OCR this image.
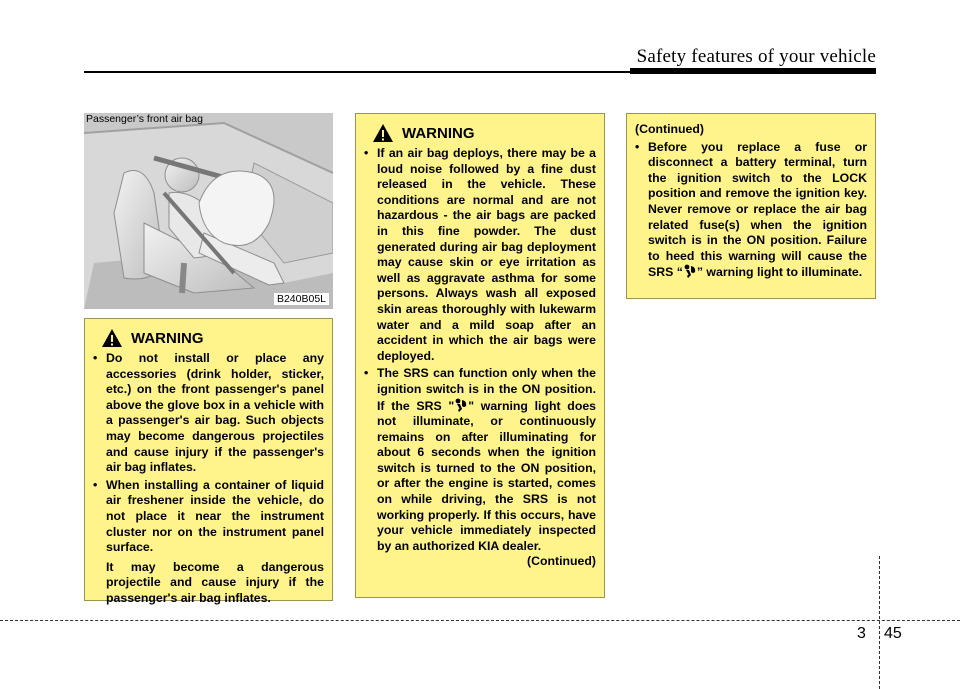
Safety features of your vehicle
B240B05L
Passenger’s front air bag
WARNING
• Do not install or place any accessories (drink holder, sticker, etc.) on the front passenger's panel above the glove box in a vehicle with a passenger's air bag. Such objects may become dangerous projectiles and cause injury if the passenger's air bag inflates.
• When installing a container of liquid air freshener inside the vehicle, do not place it near the instrument cluster nor on the instrument panel surface.
It may become a dangerous projectile and cause injury if the passenger's air bag inflates.
WARNING
• If an air bag deploys, there may be a loud noise followed by a fine dust released in the vehicle. These conditions are normal and are not hazardous - the air bags are packed in this fine powder. The dust generated during air bag deployment may cause skin or eye irritation as well as aggravate asthma for some persons. Always wash all exposed skin areas thoroughly with lukewarm water and a mild soap after an accident in which the air bags were deployed.
• The SRS can function only when the ignition switch is in the ON position. If the SRS " " warning light does not illuminate, or continuously remains on after illuminating for about 6 seconds when the ignition switch is turned to the ON position, or after the engine is started, comes on while driving, the SRS is not working properly. If this occurs, have your vehicle immediately inspected by an authorized KIA dealer.
(Continued)
(Continued)
• Before you replace a fuse or disconnect a battery terminal, turn the ignition switch to the LOCK position and remove the ignition key. Never remove or replace the air bag related fuse(s) when the ignition switch is in the ON position. Failure to heed this warning will cause the SRS “ ” warning light to illuminate.
3 45
